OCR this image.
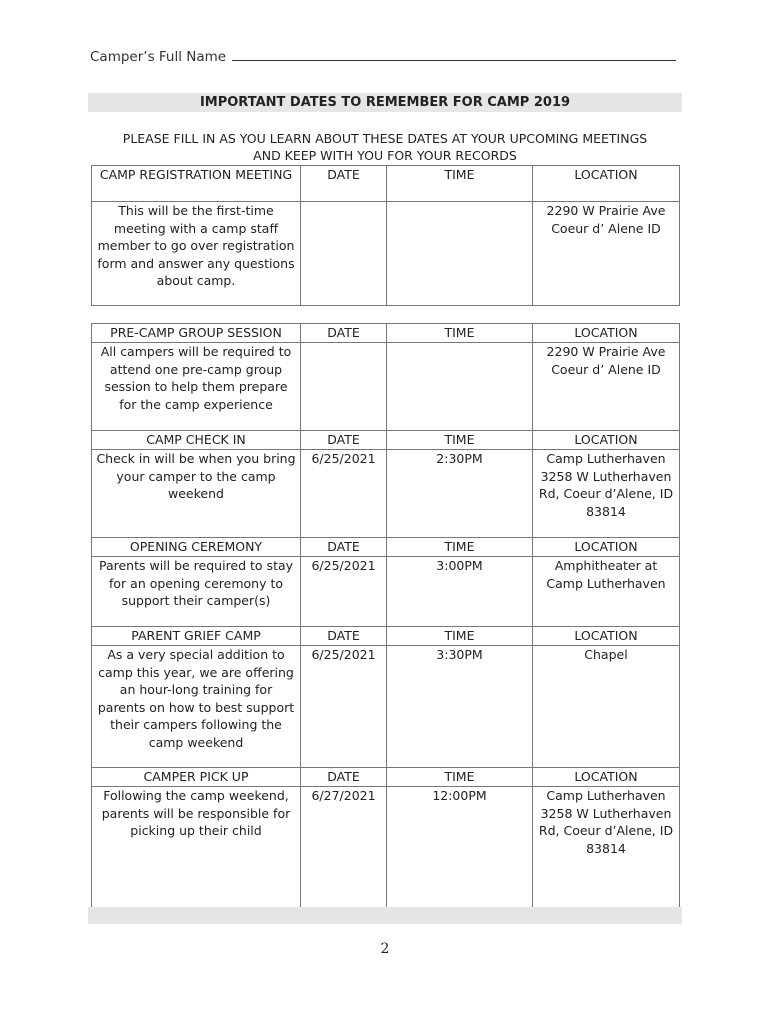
Camper’s Full Name
IMPORTANT DATES TO REMEMBER FOR CAMP 2019
PLEASE FILL IN AS YOU LEARN ABOUT THESE DATES AT YOUR UPCOMING MEETINGS
AND KEEP WITH YOU FOR YOUR RECORDS
CAMP REGISTRATION MEETING	DATE	TIME	LOCATION
This will be the first-time meeting with a camp staff member to go over registration form and answer any questions about camp.			2290 W Prairie Ave Coeur d’ Alene ID
PRE-CAMP GROUP SESSION	DATE	TIME	LOCATION
All campers will be required to attend one pre-camp group session to help them prepare for the camp experience			2290 W Prairie Ave Coeur d’ Alene ID
CAMP CHECK IN	DATE	TIME	LOCATION
Check in will be when you bring your camper to the camp weekend	6/25/2021	2:30PM	Camp Lutherhaven 3258 W Lutherhaven Rd, Coeur d’Alene, ID 83814
OPENING CEREMONY	DATE	TIME	LOCATION
Parents will be required to stay for an opening ceremony to support their camper(s)	6/25/2021	3:00PM	Amphitheater at Camp Lutherhaven
PARENT GRIEF CAMP	DATE	TIME	LOCATION
As a very special addition to camp this year, we are offering an hour-long training for parents on how to best support their campers following the camp weekend	6/25/2021	3:30PM	Chapel
CAMPER PICK UP	DATE	TIME	LOCATION
Following the camp weekend, parents will be responsible for picking up their child	6/27/2021	12:00PM	Camp Lutherhaven 3258 W Lutherhaven Rd, Coeur d’Alene, ID 83814
2
